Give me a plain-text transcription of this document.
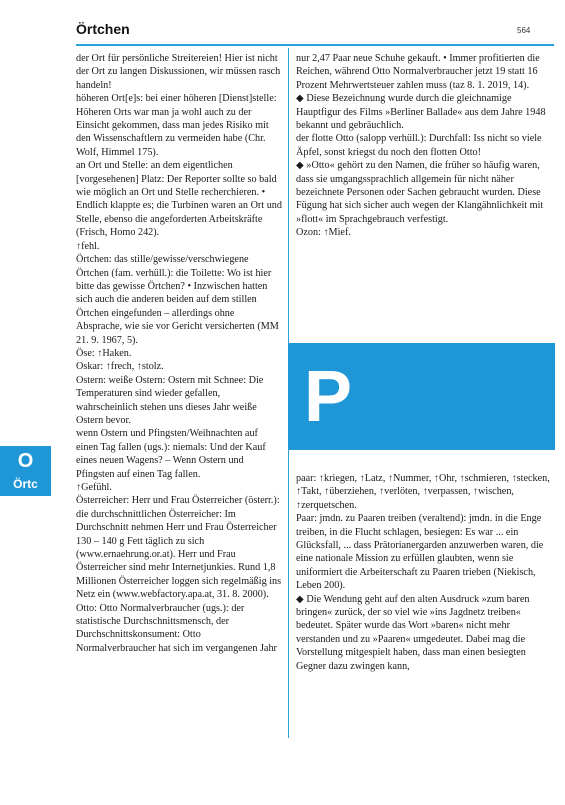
Örtchen	564
O
Örtc

der Ort für persönliche Streitereien! Hier ist nicht der Ort zu langen Diskussionen, wir müssen rasch handeln!

höheren Ort[e]s: bei einer höheren [Dienst]stelle: Höheren Orts war man ja wohl auch zu der Einsicht gekommen, dass man jedes Risiko mit den Wissenschaftlern zu vermeiden habe (Chr. Wolf, Himmel 175).

an Ort und Stelle: an dem eigentlichen [vorgesehenen] Platz: Der Reporter sollte so bald wie möglich an Ort und Stelle recherchieren. • Endlich klappte es; die Turbinen waren an Ort und Stelle, ebenso die angeforderten Arbeitskräfte (Frisch, Homo 242).

↑fehl.

Örtchen: das stille/gewisse/verschwiegene Örtchen (fam. verhüll.): die Toilette: Wo ist hier bitte das gewisse Örtchen? • Inzwischen hatten sich auch die anderen beiden auf dem stillen Örtchen eingefunden – allerdings ohne Absprache, wie sie vor Gericht versicherten (MM 21. 9. 1967, 5).

Öse: ↑Haken.

Oskar: ↑frech, ↑stolz.

Ostern: weiße Ostern: Ostern mit Schnee: Die Temperaturen sind wieder gefallen, wahrscheinlich stehen uns dieses Jahr weiße Ostern bevor.

wenn Ostern und Pfingsten/Weihnachten auf einen Tag fallen (ugs.): niemals: Und der Kauf eines neuen Wagens? – Wenn Ostern und Pfingsten auf einen Tag fallen.

↑Gefühl.

Österreicher: Herr und Frau Österreicher (österr.): die durchschnittlichen Österreicher: Im Durchschnitt nehmen Herr und Frau Österreicher 130 – 140 g Fett täglich zu sich (www.ernaehrung.or.at). Herr und Frau Österreicher sind mehr Internetjunkies. Rund 1,8 Millionen Österreicher loggen sich regelmäßig ins Netz ein (www.webfactory.apa.at, 31. 8. 2000).

Otto: Otto Normalverbraucher (ugs.): der statistische Durchschnittsmensch, der Durchschnittskonsument: Otto Normalverbraucher hat sich im vergangenen Jahr

nur 2,47 Paar neue Schuhe gekauft. • Immer profitierten die Reichen, während Otto Normalverbraucher jetzt 19 statt 16 Prozent Mehrwertsteuer zahlen muss (taz 8. 1. 2019, 14).

◆ Diese Bezeichnung wurde durch die gleichnamige Hauptfigur des Films »Berliner Ballade« aus dem Jahre 1948 bekannt und gebräuchlich.

der flotte Otto (salopp verhüll.): Durchfall: Iss nicht so viele Äpfel, sonst kriegst du noch den flotten Otto!

◆ »Otto« gehört zu den Namen, die früher so häufig waren, dass sie umgangssprachlich allgemein für nicht näher bezeichnete Personen oder Sachen gebraucht wurden. Diese Fügung hat sich sicher auch wegen der Klangähnlichkeit mit »flott« im Sprachgebrauch verfestigt.

Ozon: ↑Mief.

P

paar: ↑kriegen, ↑Latz, ↑Nummer, ↑Ohr, ↑schmieren, ↑stecken, ↑Takt, ↑überziehen, ↑verlöten, ↑verpassen, ↑wischen, ↑zerquetschen.

Paar: jmdn. zu Paaren treiben (veraltend): jmdn. in die Enge treiben, in die Flucht schlagen, besiegen: Es war ... ein Glücksfall, ... dass Prätorianergarden anzuwerben waren, die eine nationale Mission zu erfüllen glaubten, wenn sie uniformiert die Arbeiterschaft zu Paaren trieben (Niekisch, Leben 200).

◆ Die Wendung geht auf den alten Ausdruck »zum baren bringen« zurück, der so viel wie »ins Jagdnetz treiben« bedeutet. Später wurde das Wort »baren« nicht mehr verstanden und zu »Paaren« umgedeutet. Dabei mag die Vorstellung mitgespielt haben, dass man einen besiegten Gegner dazu zwingen kann,
